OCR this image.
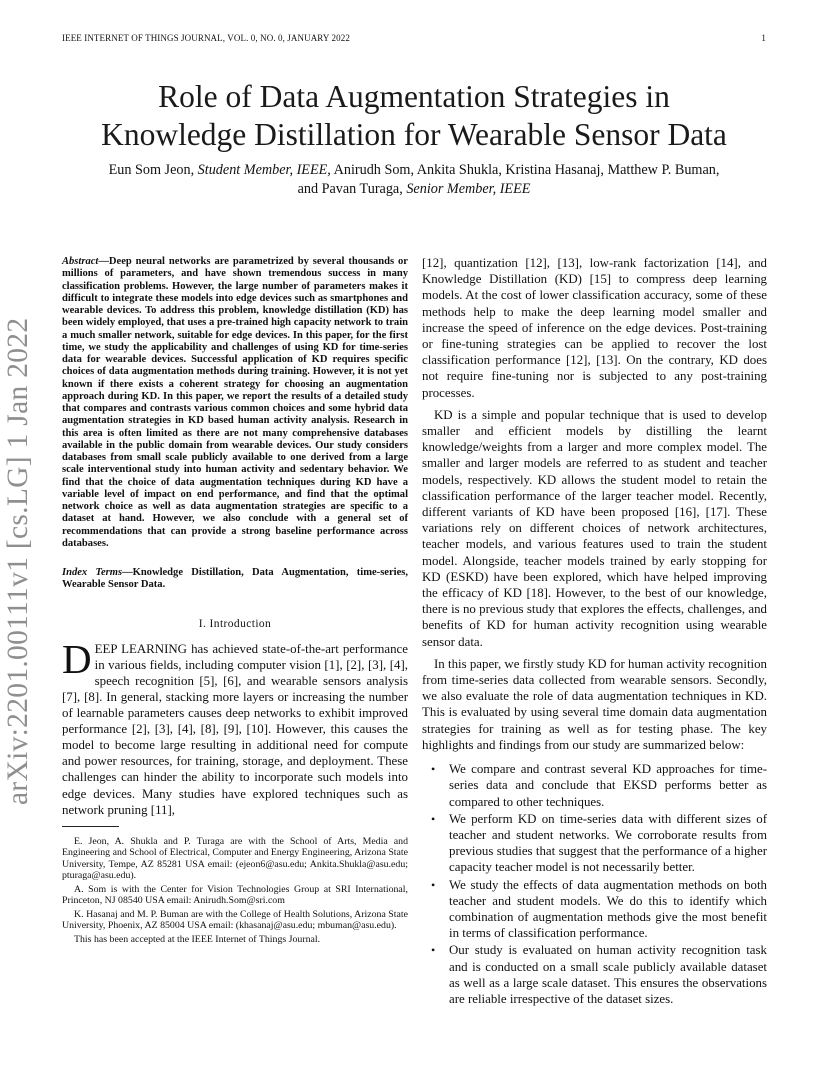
IEEE INTERNET OF THINGS JOURNAL, VOL. 0, NO. 0, JANUARY 2022	1
arXiv:2201.00111v1 [cs.LG] 1 Jan 2022
Role of Data Augmentation Strategies in
Knowledge Distillation for Wearable Sensor Data
Eun Som Jeon, Student Member, IEEE, Anirudh Som, Ankita Shukla, Kristina Hasanaj, Matthew P. Buman,
and Pavan Turaga, Senior Member, IEEE
Abstract—Deep neural networks are parametrized by several thousands or millions of parameters, and have shown tremendous success in many classification problems. However, the large number of parameters makes it difficult to integrate these models into edge devices such as smartphones and wearable devices. To address this problem, knowledge distillation (KD) has been widely employed, that uses a pre-trained high capacity network to train a much smaller network, suitable for edge devices. In this paper, for the first time, we study the applicability and challenges of using KD for time-series data for wearable devices. Successful application of KD requires specific choices of data augmentation methods during training. However, it is not yet known if there exists a coherent strategy for choosing an augmentation approach during KD. In this paper, we report the results of a detailed study that compares and contrasts various common choices and some hybrid data augmentation strategies in KD based human activity analysis. Research in this area is often limited as there are not many comprehensive databases available in the public domain from wearable devices. Our study considers databases from small scale publicly available to one derived from a large scale interventional study into human activity and sedentary behavior. We find that the choice of data augmentation techniques during KD have a variable level of impact on end performance, and find that the optimal network choice as well as data augmentation strategies are specific to a dataset at hand. However, we also conclude with a general set of recommendations that can provide a strong baseline performance across databases.
Index Terms—Knowledge Distillation, Data Augmentation, time-series, Wearable Sensor Data.
I. Introduction
DEEP LEARNING has achieved state-of-the-art performance in various fields, including computer vision [1], [2], [3], [4], speech recognition [5], [6], and wearable sensors analysis [7], [8]. In general, stacking more layers or increasing the number of learnable parameters causes deep networks to exhibit improved performance [2], [3], [4], [8], [9], [10]. However, this causes the model to become large resulting in additional need for compute and power resources, for training, storage, and deployment. These challenges can hinder the ability to incorporate such models into edge devices. Many studies have explored techniques such as network pruning [11],

E. Jeon, A. Shukla and P. Turaga are with the School of Arts, Media and Engineering and School of Electrical, Computer and Energy Engineering, Arizona State University, Tempe, AZ 85281 USA email: (ejeon6@asu.edu; Ankita.Shukla@asu.edu; pturaga@asu.edu).

A. Som is with the Center for Vision Technologies Group at SRI International, Princeton, NJ 08540 USA email: Anirudh.Som@sri.com

K. Hasanaj and M. P. Buman are with the College of Health Solutions, Arizona State University, Phoenix, AZ 85004 USA email: (khasanaj@asu.edu; mbuman@asu.edu).

This has been accepted at the IEEE Internet of Things Journal.

[12], quantization [12], [13], low-rank factorization [14], and Knowledge Distillation (KD) [15] to compress deep learning models. At the cost of lower classification accuracy, some of these methods help to make the deep learning model smaller and increase the speed of inference on the edge devices. Post-training or fine-tuning strategies can be applied to recover the lost classification performance [12], [13]. On the contrary, KD does not require fine-tuning nor is subjected to any post-training processes.

KD is a simple and popular technique that is used to develop smaller and efficient models by distilling the learnt knowledge/weights from a larger and more complex model. The smaller and larger models are referred to as student and teacher models, respectively. KD allows the student model to retain the classification performance of the larger teacher model. Recently, different variants of KD have been proposed [16], [17]. These variations rely on different choices of network architectures, teacher models, and various features used to train the student model. Alongside, teacher models trained by early stopping for KD (ESKD) have been explored, which have helped improving the efficacy of KD [18]. However, to the best of our knowledge, there is no previous study that explores the effects, challenges, and benefits of KD for human activity recognition using wearable sensor data.

In this paper, we firstly study KD for human activity recognition from time-series data collected from wearable sensors. Secondly, we also evaluate the role of data augmentation techniques in KD. This is evaluated by using several time domain data augmentation strategies for training as well as for testing phase. The key highlights and findings from our study are summarized below:

• We compare and contrast several KD approaches for time-series data and conclude that EKSD performs better as compared to other techniques.
• We perform KD on time-series data with different sizes of teacher and student networks. We corroborate results from previous studies that suggest that the performance of a higher capacity teacher model is not necessarily better.
• We study the effects of data augmentation methods on both teacher and student models. We do this to identify which combination of augmentation methods give the most benefit in terms of classification performance.
• Our study is evaluated on human activity recognition task and is conducted on a small scale publicly available dataset as well as a large scale dataset. This ensures the observations are reliable irrespective of the dataset sizes.
